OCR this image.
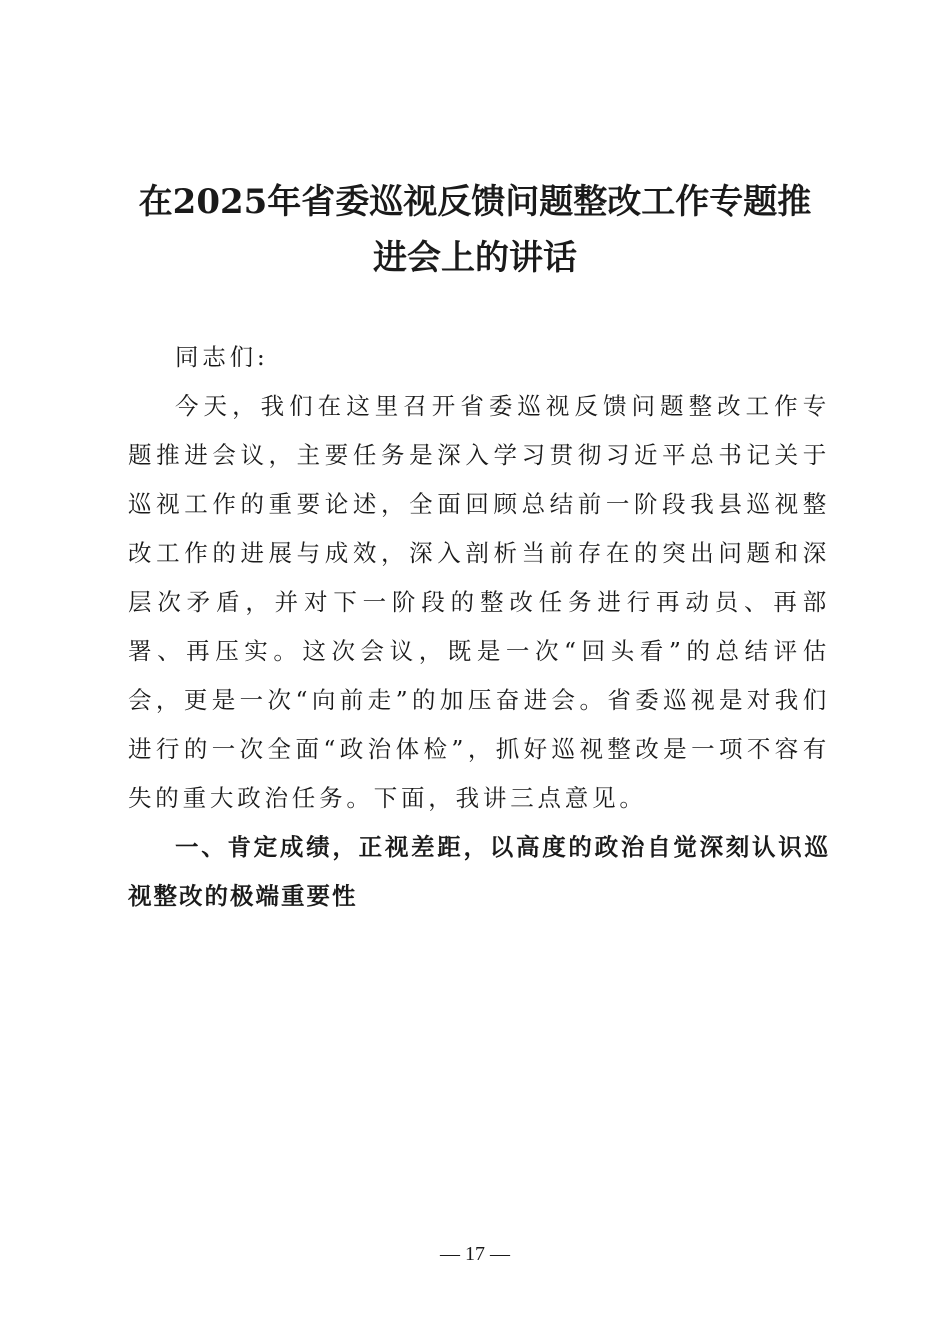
在2025年省委巡视反馈问题整改工作专题推
进会上的讲话

同志们:

今天，我们在这里召开省委巡视反馈问题整改工作专题推进会议，主要任务是深入学习贯彻习近平总书记关于巡视工作的重要论述，全面回顾总结前一阶段我县巡视整改工作的进展与成效，深入剖析当前存在的突出问题和深层次矛盾，并对下一阶段的整改任务进行再动员、再部署、再压实。这次会议，既是一次“回头看”的总结评估会，更是一次“向前走”的加压奋进会。省委巡视是对我们进行的一次全面“政治体检”，抓好巡视整改是一项不容有失的重大政治任务。下面，我讲三点意见。

一、肯定成绩，正视差距，以高度的政治自觉深刻认识巡视整改的极端重要性

— 17 —
